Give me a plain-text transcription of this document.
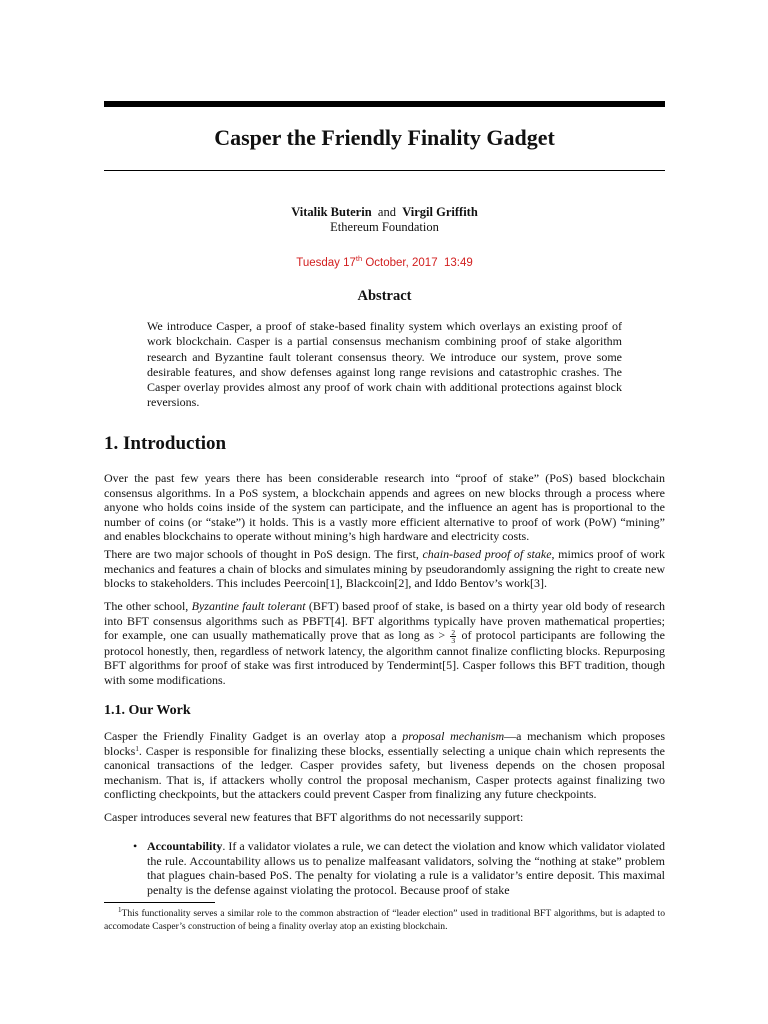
Casper the Friendly Finality Gadget
Vitalik Buterin and Virgil Griffith
Ethereum Foundation
Tuesday 17th October, 2017  13:49
Abstract
We introduce Casper, a proof of stake-based finality system which overlays an existing proof of work blockchain. Casper is a partial consensus mechanism combining proof of stake algorithm research and Byzantine fault tolerant consensus theory. We introduce our system, prove some desirable features, and show defenses against long range revisions and catastrophic crashes. The Casper overlay provides almost any proof of work chain with additional protections against block reversions.
1. Introduction
Over the past few years there has been considerable research into “proof of stake” (PoS) based blockchain consensus algorithms. In a PoS system, a blockchain appends and agrees on new blocks through a process where anyone who holds coins inside of the system can participate, and the influence an agent has is proportional to the number of coins (or “stake”) it holds. This is a vastly more efficient alternative to proof of work (PoW) “mining” and enables blockchains to operate without mining’s high hardware and electricity costs.
There are two major schools of thought in PoS design. The first, chain-based proof of stake, mimics proof of work mechanics and features a chain of blocks and simulates mining by pseudorandomly assigning the right to create new blocks to stakeholders. This includes Peercoin[1], Blackcoin[2], and Iddo Bentov’s work[3].
The other school, Byzantine fault tolerant (BFT) based proof of stake, is based on a thirty year old body of research into BFT consensus algorithms such as PBFT[4]. BFT algorithms typically have proven mathematical properties; for example, one can usually mathematically prove that as long as > $\frac{2}{3}$ of protocol participants are following the protocol honestly, then, regardless of network latency, the algorithm cannot finalize conflicting blocks. Repurposing BFT algorithms for proof of stake was first introduced by Tendermint[5]. Casper follows this BFT tradition, though with some modifications.
1.1. Our Work
Casper the Friendly Finality Gadget is an overlay atop a proposal mechanism—a mechanism which proposes blocks$^1$. Casper is responsible for finalizing these blocks, essentially selecting a unique chain which represents the canonical transactions of the ledger. Casper provides safety, but liveness depends on the chosen proposal mechanism. That is, if attackers wholly control the proposal mechanism, Casper protects against finalizing two conflicting checkpoints, but the attackers could prevent Casper from finalizing any future checkpoints.
Casper introduces several new features that BFT algorithms do not necessarily support:
• Accountability. If a validator violates a rule, we can detect the violation and know which validator violated the rule. Accountability allows us to penalize malfeasant validators, solving the “nothing at stake” problem that plagues chain-based PoS. The penalty for violating a rule is a validator’s entire deposit. This maximal penalty is the defense against violating the protocol. Because proof of stake
$^1$This functionality serves a similar role to the common abstraction of “leader election” used in traditional BFT algorithms, but is adapted to accomodate Casper’s construction of being a finality overlay atop an existing blockchain.
